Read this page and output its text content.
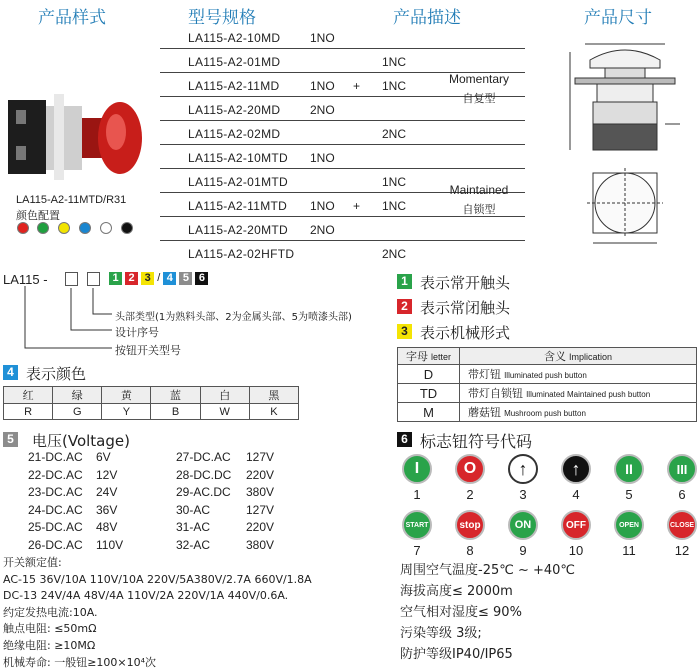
产品样式	型号规格	产品描述	产品尺寸
LA115-A2-11MTD/R31
颜色配置
LA115-A2-10MD 1NO
LA115-A2-01MD	1NC
LA115-A2-11MD	1NO + 1NC
LA115-A2-20MD 2NO
LA115-A2-02MD	2NC
LA115-A2-10MTD 1NO
LA115-A2-01MTD	1NC
LA115-A2-11MTD 1NO + 1NC
LA115-A2-20MTD 2NO
LA115-A2-02HFTD	2NC
Momentary
自复型
Maintained
自锁型
LA115 -	1 2 3 / 4 5 6
头部类型(1为熟料头部、2为金属头部、5为喷漆头部)
设计序号
按钮开关型号
1 表示常开触头
2 表示常闭触头
3 表示机械形式
字母 letter	含义 Implication
D	带灯钮 Illuminated push button
TD	带灯自锁钮 Illuminated Maintained push button
M	蘑菇钮 Mushroom push button
4 表示颜色
红	绿	黄	蓝	白	黑
R	G	Y	B	W	K
5 电压(Voltage)
21-DC.AC 6V
22-DC.AC 12V
23-DC.AC 24V
24-DC.AC 36V
25-DC.AC 48V
26-DC.AC 110V
27-DC.AC 127V
28-DC.DC 220V
29-AC.DC 380V
30-AC	127V
31-AC	220V
32-AC	380V
开关额定值:
AC-15 36V/10A 110V/10A 220V/5A380V/2.7A 660V/1.8A
DC-13 24V/4A 48V/4A 110V/2A 220V/1A 440V/0.6A.
约定发热电流:10A.
触点电阻: ≤50mΩ
绝缘电阻: ≥10MΩ
机械寿命: 一般钮≥100×10⁴次
6 标志钮符号代码
I
1
O
2
↑
3
↑
4
II
5
III
6
START
7
stop
8
ON
9
OFF
10
OPEN
11
CLOSE
12
周围空气温度-25℃ ~ +40℃
海拔高度≤ 2000m
空气相对湿度≤ 90%
污染等级 3级;
防护等级IP40/IP65
